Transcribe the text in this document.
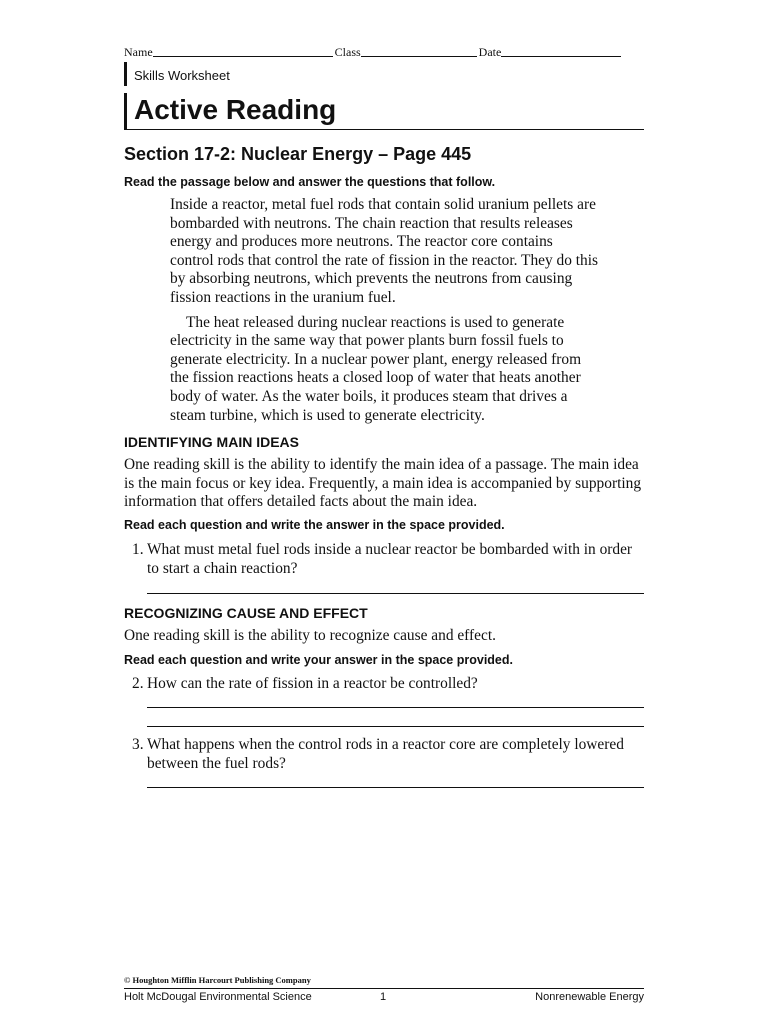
Name	Class	Date
Skills Worksheet
Active Reading
Section 17-2: Nuclear Energy – Page 445
Read the passage below and answer the questions that follow.

Inside a reactor, metal fuel rods that contain solid uranium pellets are bombarded with neutrons. The chain reaction that results releases energy and produces more neutrons. The reactor core contains control rods that control the rate of fission in the reactor. They do this by absorbing neutrons, which prevents the neutrons from causing fission reactions in the uranium fuel.

The heat released during nuclear reactions is used to generate electricity in the same way that power plants burn fossil fuels to generate electricity. In a nuclear power plant, energy released from the fission reactions heats a closed loop of water that heats another body of water. As the water boils, it produces steam that drives a steam turbine, which is used to generate electricity.

IDENTIFYING MAIN IDEAS

One reading skill is the ability to identify the main idea of a passage. The main idea is the main focus or key idea. Frequently, a main idea is accompanied by supporting information that offers detailed facts about the main idea.

Read each question and write the answer in the space provided.
1. What must metal fuel rods inside a nuclear reactor be bombarded with in order to start a chain reaction?
RECOGNIZING CAUSE AND EFFECT

One reading skill is the ability to recognize cause and effect.

Read each question and write your answer in the space provided.
2. How can the rate of fission in a reactor be controlled?
3. What happens when the control rods in a reactor core are completely lowered between the fuel rods?
© Houghton Mifflin Harcourt Publishing Company
Holt McDougal Environmental Science	1	Nonrenewable Energy
